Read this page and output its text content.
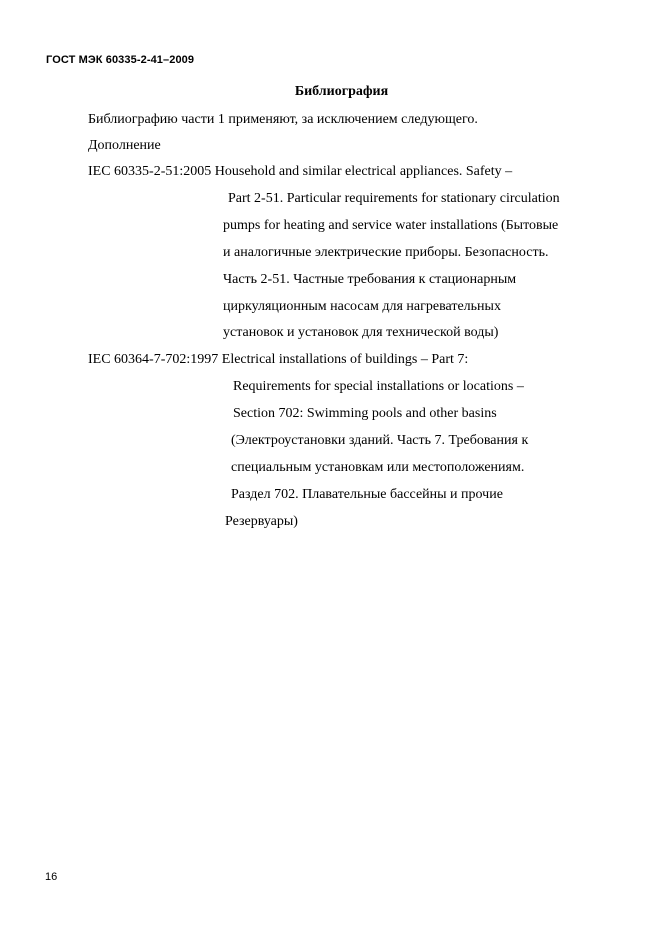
ГОСТ МЭК 60335-2-41–2009
Библиография
Библиографию части 1 применяют, за исключением следующего.
Дополнение
IEC 60335-2-51:2005 Household and similar electrical appliances. Safety –
Part 2-51. Particular requirements for stationary circulation
pumps for heating and service water installations (Бытовые
и аналогичные электрические приборы. Безопасность.
Часть 2-51. Частные требования к стационарным
циркуляционным насосам для нагревательных
установок и установок для технической воды)
IEC 60364-7-702:1997 Electrical installations of buildings – Part 7:
Requirements for special installations or locations –
Section 702: Swimming pools and other basins
(Электроустановки зданий. Часть 7. Требования к
специальным установкам или местоположениям.
Раздел 702. Плавательные бассейны и прочие
Резервуары)
16
